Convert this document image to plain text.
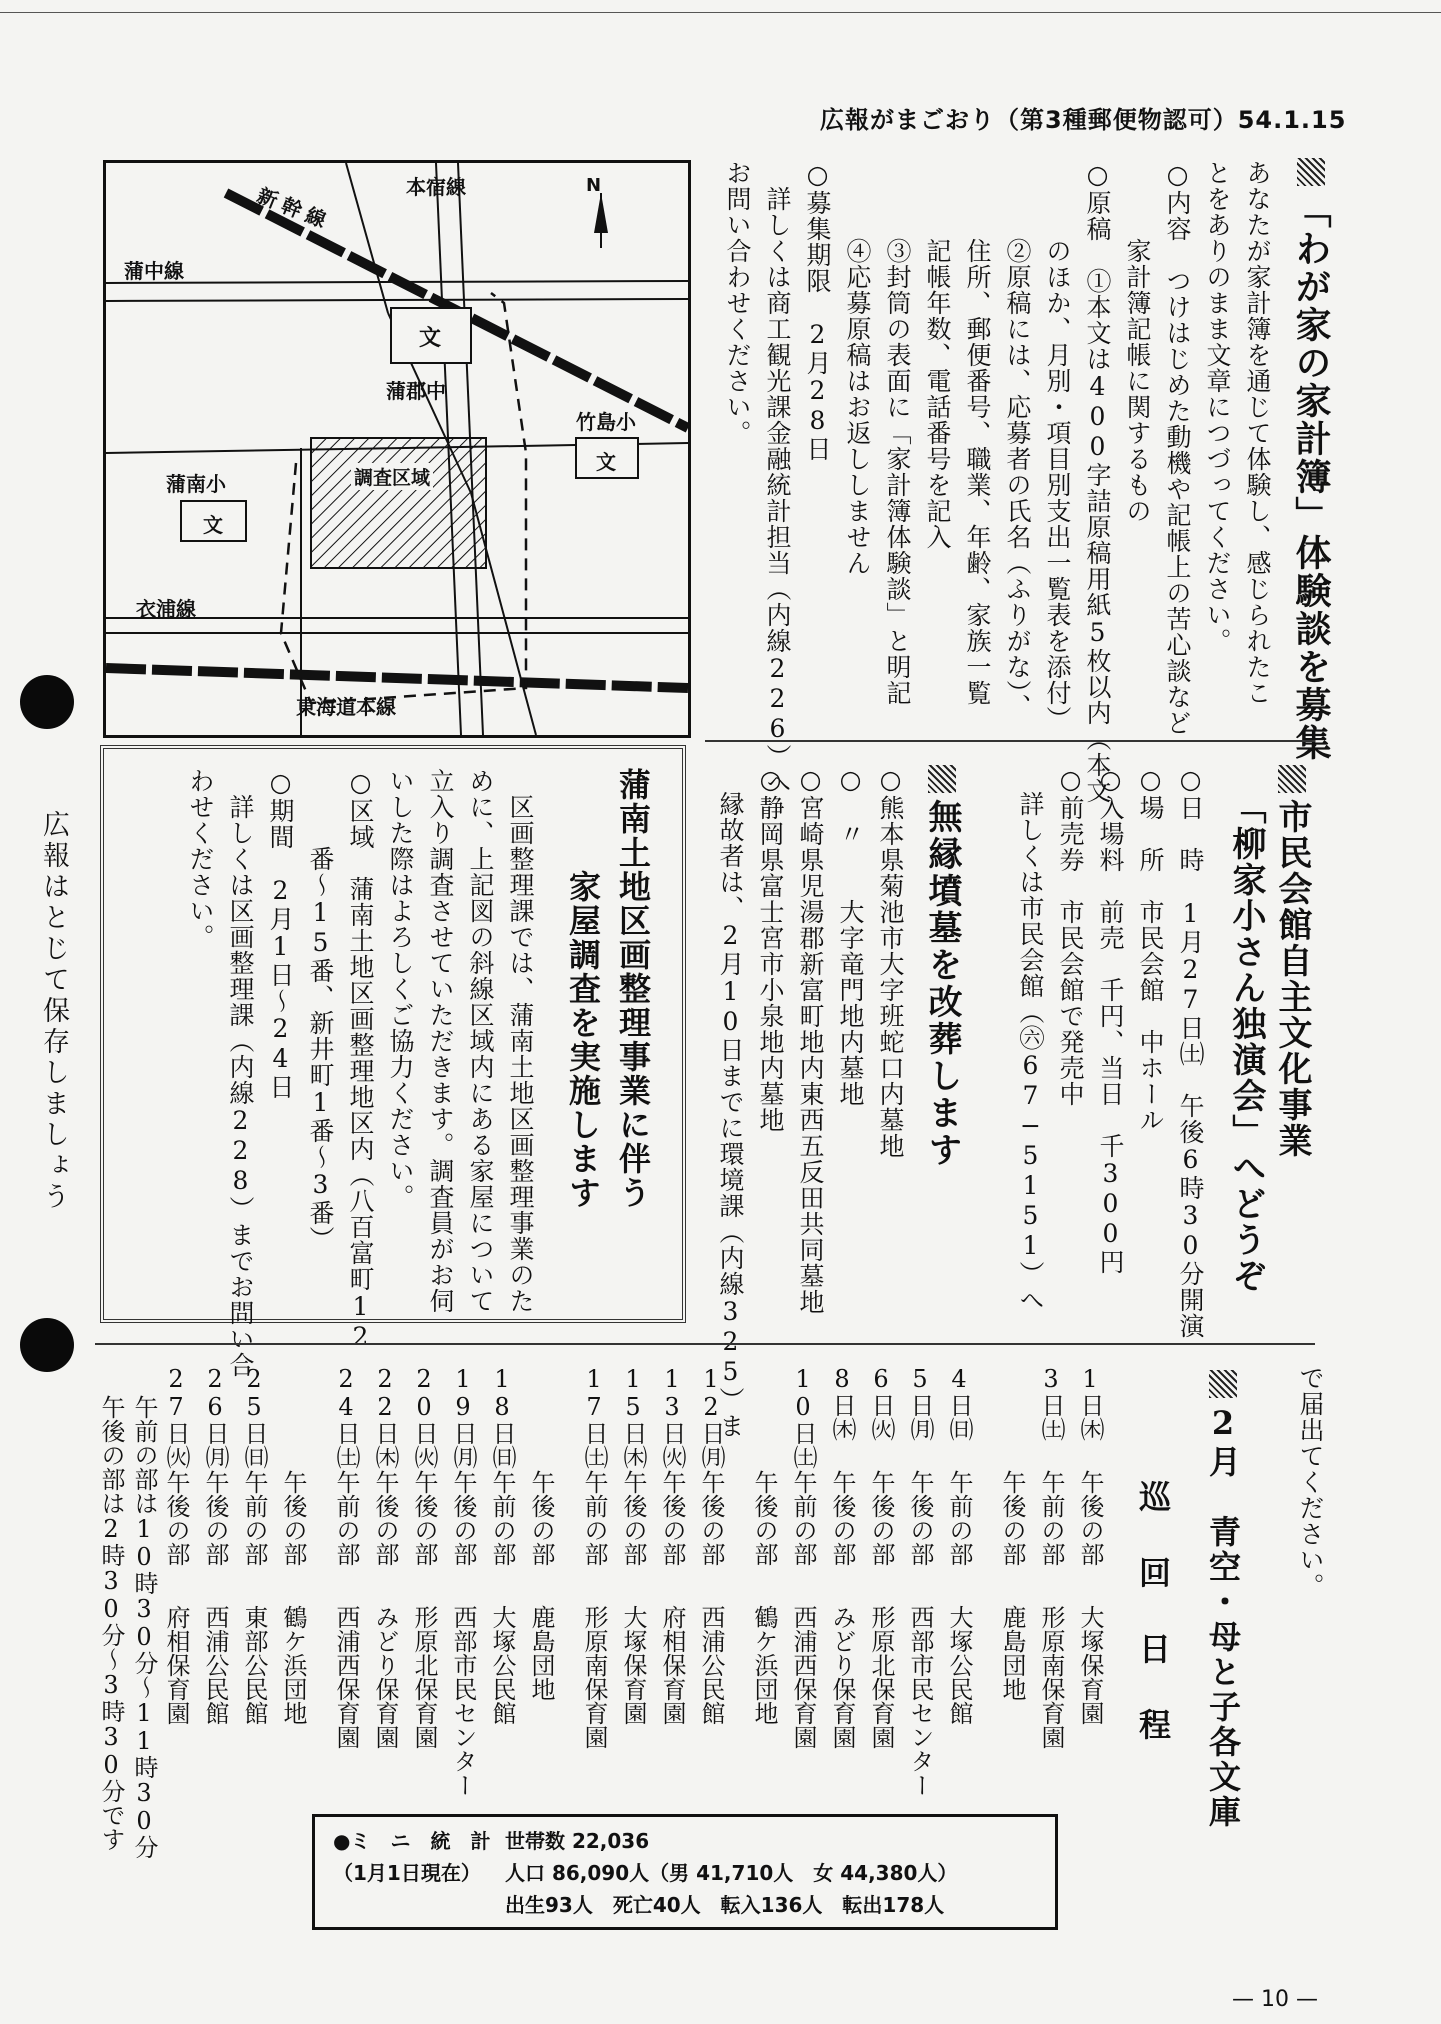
広報がまごおり（第3種郵便物認可）54.1.15
広報はとじて保存しましょう
「わが家の家計簿」体験談を募集
あなたが家計簿を通じて体験し、感じられたこ
とをありのまま文章につづってください。
○内容　つけはじめた動機や記帳上の苦心談など
　　　家計簿記帳に関するもの
○原稿　①本文は400字詰原稿用紙5枚以内（本文
　　　のほか、月別・項目別支出一覧表を添付）
　　　②原稿には、応募者の氏名（ふりがな）、
　　　住所、郵便番号、職業、年齢、家族一覧
　　　記帳年数、電話番号を記入
　　　③封筒の表面に「家計簿体験談」と明記
　　　④応募原稿はお返ししません
○募集期限　2月28日
　詳しくは商工観光課金融統計担当（内線226）へ
お問い合わせください。
本宿線
新幹線	N
蒲中線
文
蒲郡中
竹島小
文
蒲南小
文
調査区域
衣浦線
東海道本線
市民会館自主文化事業
「柳家小さん独演会」へどうぞ
○日　時　1月27日㈯　午後6時30分開演
○場　所　市民会館　中ホール
○入場料　前売　千円、当日　千300円
○前売券　市民会館で発売中
　詳しくは市民会館（㊅67−5151）へ
無縁墳墓を改葬します
○熊本県菊池市大字班蛇口内墓地
○　〃　　大字竜門地内墓地
○宮崎県児湯郡新富町地内東西五反田共同墓地
○静岡県富士宮市小泉地内墓地
　縁故者は、2月10日までに環境課（内線325）ま
蒲南土地区画整理事業に伴う
家屋調査を実施します
　区画整理課では、蒲南土地区画整理事業のた
めに、上記図の斜線区域内にある家屋について
立入り調査させていただきます。調査員がお伺
いした際はよろしくご協力ください。
○区域　蒲南土地区画整理地区内（八百富町12
　　　番〜15番、新井町1番〜3番）
○期間　2月1日〜24日
　詳しくは区画整理課（内線228）までお問い合
わせください。
で届出てください。
2月　青空・母と子各文庫
巡　回　日　程
1日㈭
午後の部
大塚保育園
3日㈯
午前の部
形原南保育園
午後の部
鹿島団地
4日㈰
午前の部
大塚公民館
5日㈪
午後の部
西部市民センター
6日㈫
午後の部
形原北保育園
8日㈭
午後の部
みどり保育園
10日㈯
午前の部
西浦西保育園
午後の部
鶴ケ浜団地
12日㈪
午後の部
西浦公民館
13日㈫
午後の部
府相保育園
15日㈭
午後の部
大塚保育園
17日㈯
午前の部
形原南保育園
午後の部
鹿島団地
18日㈰
午前の部
大塚公民館
19日㈪
午後の部
西部市民センター
20日㈫
午後の部
形原北保育園
22日㈭
午後の部
みどり保育園
24日㈯
午前の部
西浦西保育園
午後の部
鶴ケ浜団地
25日㈰
午前の部
東部公民館
26日㈪
午後の部
西浦公民館
27日㈫
午後の部
府相保育園
午前の部は10時30分〜11時30分
午後の部は2時30分〜3時30分です	●ミ　ニ　統　計 世帯数 22,036
（1月1日現在） 人口 86,090人（男 41,710人　女 44,380人）
出生93人　死亡40人　転入136人　転出178人
— 10 —
